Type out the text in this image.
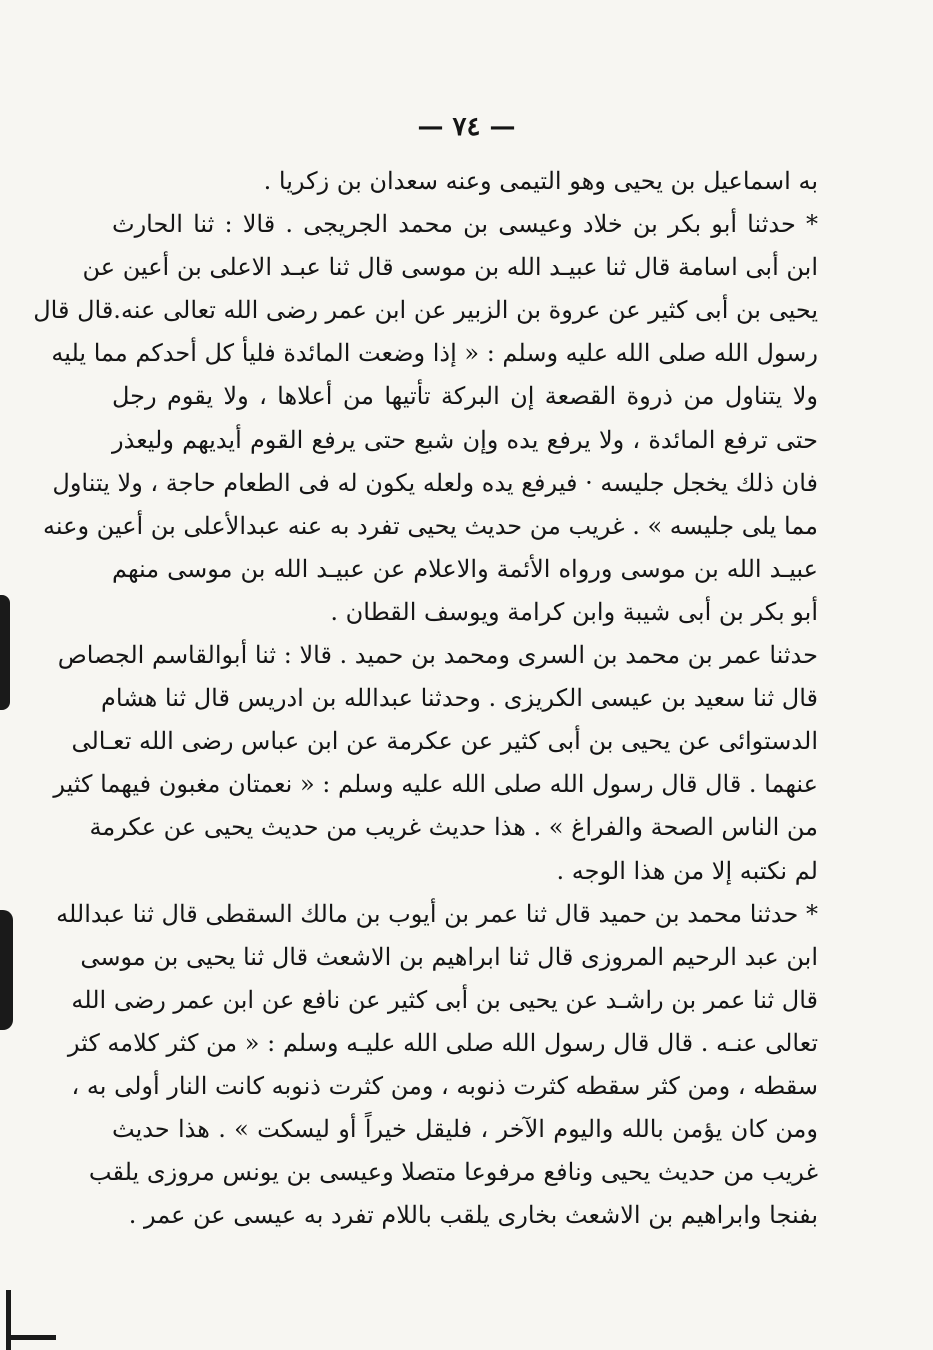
— ٧٤ —
به اسماعيل بن يحيى وهو التيمى وعنه سعدان بن زكريا .
* حدثنا أبو بكر بن خلاد وعيسى بن محمد الجريجى . قالا : ثنا الحارث
ابن أبى اسامة قال ثنا عبيـد الله بن موسى قال ثنا عبـد الاعلى بن أعين عن
يحيى بن أبى كثير عن عروة بن الزبير عن ابن عمر رضى الله تعالى عنه.قال قال
رسول الله صلى الله عليه وسلم : « إذا وضعت المائدة فليأ كل أحدكم مما يليه
ولا يتناول من ذروة القصعة إن البركة تأتيها من أعلاها ، ولا يقوم رجل
حتى ترفع المائدة ، ولا يرفع يده وإن شبع حتى يرفع القوم أيديهم وليعذر
فان ذلك يخجل جليسه · فيرفع يده ولعله يكون له فى الطعام حاجة ، ولا يتناول
مما يلى جليسه » . غريب من حديث يحيى تفرد به عنه عبدالأعلى بن أعين وعنه
عبيـد الله بن موسى ورواه الأئمة والاعلام عن عبيـد الله بن موسى منهم
أبو بكر بن أبى شيبة وابن كرامة ويوسف القطان .
حدثنا عمر بن محمد بن السرى ومحمد بن حميد . قالا : ثنا أبوالقاسم الجصاص
قال ثنا سعيد بن عيسى الكريزى . وحدثنا عبدالله بن ادريس قال ثنا هشام
الدستوائى عن يحيى بن أبى كثير عن عكرمة عن ابن عباس رضى الله تعـالى
عنهما . قال قال رسول الله صلى الله عليه وسلم : « نعمتان مغبون فيهما كثير
من الناس الصحة والفراغ » . هذا حديث غريب من حديث يحيى عن عكرمة
لم نكتبه إلا من هذا الوجه .
* حدثنا محمد بن حميد قال ثنا عمر بن أيوب بن مالك السقطى قال ثنا عبدالله
ابن عبد الرحيم المروزى قال ثنا ابراهيم بن الاشعث قال ثنا يحيى بن موسى
قال ثنا عمر بن راشـد عن يحيى بن أبى كثير عن نافع عن ابن عمر رضى الله
تعالى عنـه . قال قال رسول الله صلى الله عليـه وسلم : « من كثر كلامه كثر
سقطه ، ومن كثر سقطه كثرت ذنوبه ، ومن كثرت ذنوبه كانت النار أولى به ،
ومن كان يؤمن بالله واليوم الآخر ، فليقل خيراً أو ليسكت » . هذا حديث
غريب من حديث يحيى ونافع مرفوعا متصلا وعيسى بن يونس مروزى يلقب
بفنجا وابراهيم بن الاشعث بخارى يلقب باللام تفرد به عيسى عن عمر .
